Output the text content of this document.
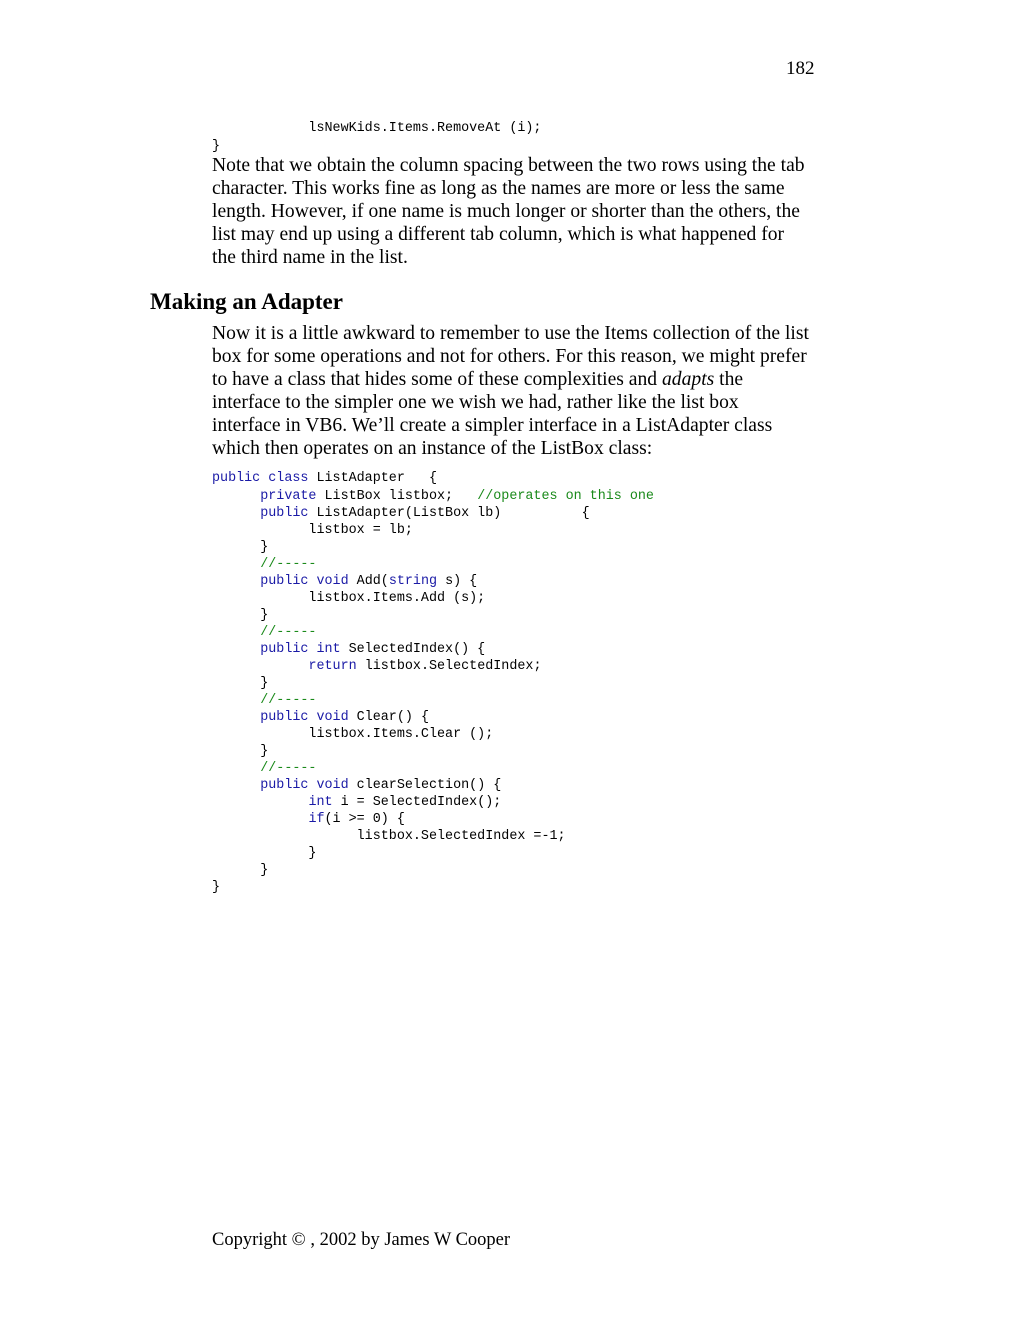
182
lsNewKids.Items.RemoveAt (i);
}

Note that we obtain the column spacing between the two rows using the tab character. This works fine as long as the names are more or less the same length. However, if one name is much longer or shorter than the others, the list may end up using a different tab column, which is what happened for the third name in the list.

Making an Adapter

Now it is a little awkward to remember to use the Items collection of the list box for some operations and not for others. For this reason, we might prefer to have a class that hides some of these complexities and adapts the interface to the simpler one we wish we had, rather like the list box interface in VB6. We’ll create a simpler interface in a ListAdapter class which then operates on an instance of the ListBox class:

public class ListAdapter   {
private ListBox listbox;   //operates on this one
public ListAdapter(ListBox lb)          {
listbox = lb;
}
//-----
public void Add(string s) {
listbox.Items.Add (s);
}
//-----
public int SelectedIndex() {
return listbox.SelectedIndex;
}
//-----
public void Clear() {
listbox.Items.Clear ();
}
//-----
public void clearSelection() {
int i = SelectedIndex();
if(i >= 0) {
listbox.SelectedIndex =-1;
}
}
}
Copyright © , 2002 by James W Cooper
